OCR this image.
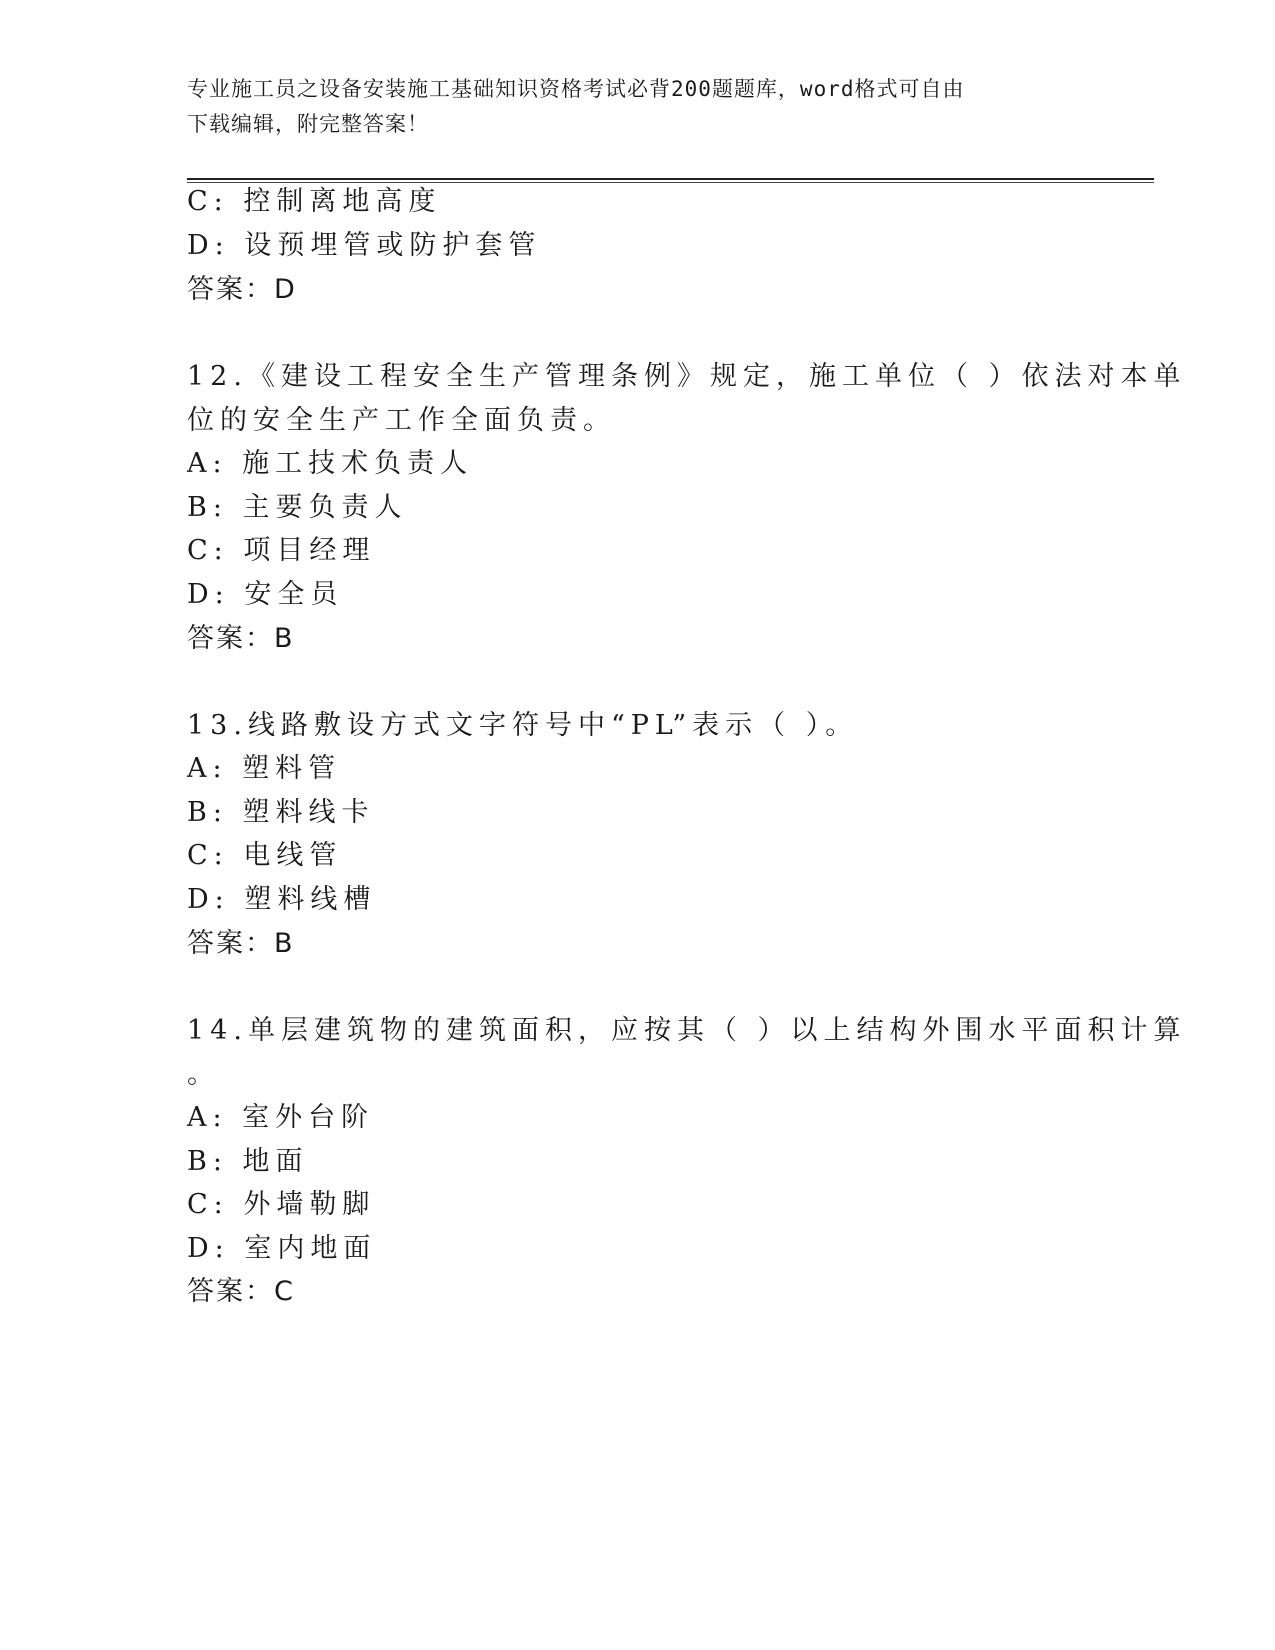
专业施工员之设备安装施工基础知识资格考试必背200题题库，word格式可自由
下载编辑，附完整答案！
C: 控制离地高度
D: 设预埋管或防护套管
答案：D
12.《建设工程安全生产管理条例》规定，施工单位（ ）依法对本单
位的安全生产工作全面负责。
A: 施工技术负责人
B: 主要负责人
C: 项目经理
D: 安全员
答案：B
13.线路敷设方式文字符号中“PL”表示（ ）。
A: 塑料管
B: 塑料线卡
C: 电线管
D: 塑料线槽
答案：B
14.单层建筑物的建筑面积，应按其（ ）以上结构外围水平面积计算
。
A: 室外台阶
B: 地面
C: 外墙勒脚
D: 室内地面
答案：C
